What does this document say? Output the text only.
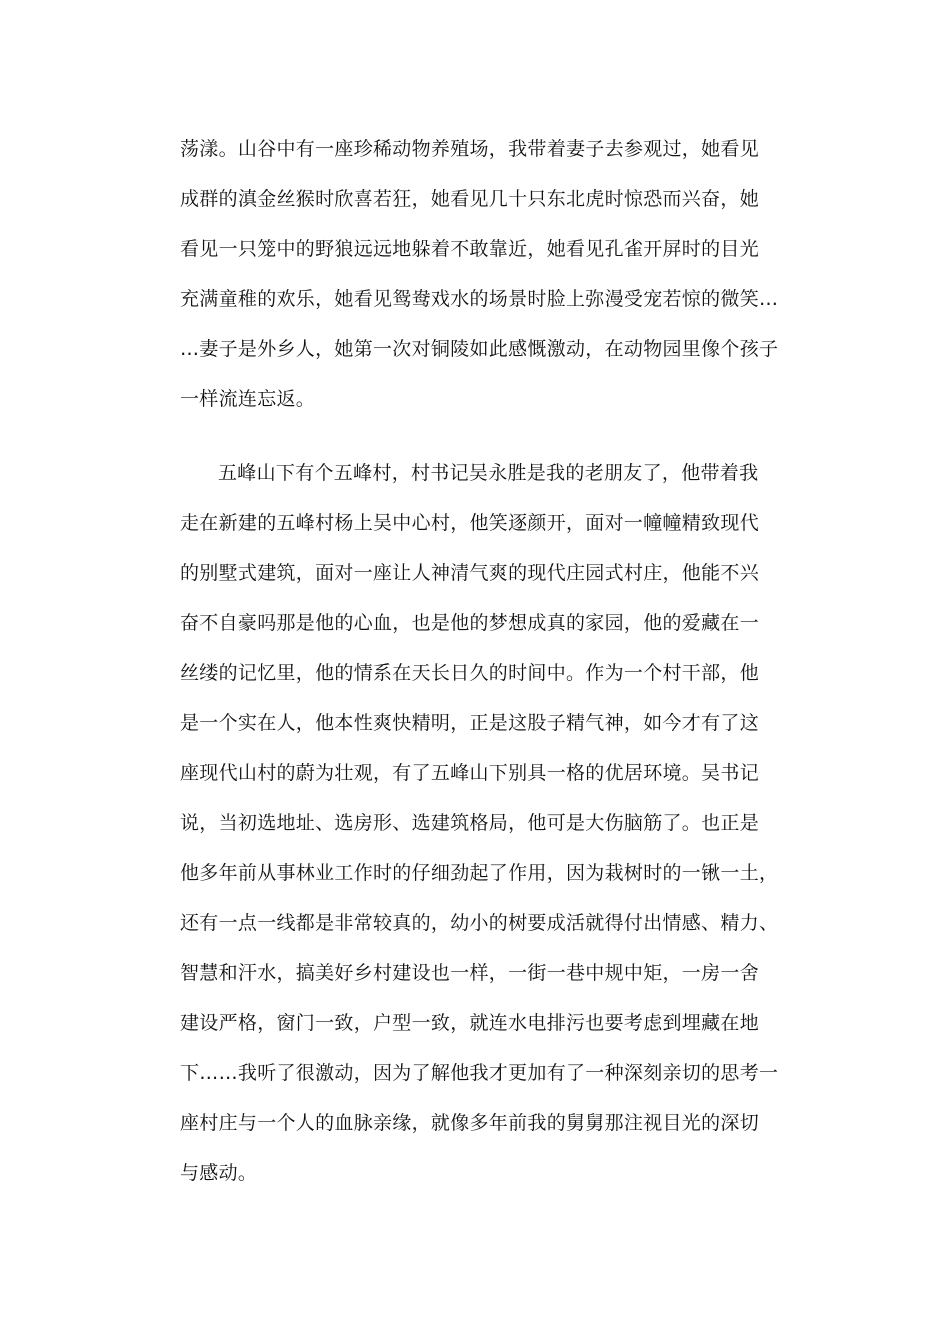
荡漾。山谷中有一座珍稀动物养殖场，我带着妻子去参观过，她看见
成群的滇金丝猴时欣喜若狂，她看见几十只东北虎时惊恐而兴奋，她
看见一只笼中的野狼远远地躲着不敢靠近，她看见孔雀开屏时的目光
充满童稚的欢乐，她看见鸳鸯戏水的场景时脸上弥漫受宠若惊的微笑…
…妻子是外乡人，她第一次对铜陵如此感慨激动，在动物园里像个孩子
一样流连忘返。
五峰山下有个五峰村，村书记吴永胜是我的老朋友了，他带着我
走在新建的五峰村杨上吴中心村，他笑逐颜开，面对一幢幢精致现代
的别墅式建筑，面对一座让人神清气爽的现代庄园式村庄，他能不兴
奋不自豪吗那是他的心血，也是他的梦想成真的家园，他的爱藏在一
丝缕的记忆里，他的情系在天长日久的时间中。作为一个村干部，他
是一个实在人，他本性爽快精明，正是这股子精气神，如今才有了这
座现代山村的蔚为壮观，有了五峰山下别具一格的优居环境。吴书记
说，当初选地址、选房形、选建筑格局，他可是大伤脑筋了。也正是
他多年前从事林业工作时的仔细劲起了作用，因为栽树时的一锹一土，
还有一点一线都是非常较真的，幼小的树要成活就得付出情感、精力、
智慧和汗水，搞美好乡村建设也一样，一街一巷中规中矩，一房一舍
建设严格，窗门一致，户型一致，就连水电排污也要考虑到埋藏在地
下……我听了很激动，因为了解他我才更加有了一种深刻亲切的思考一
座村庄与一个人的血脉亲缘，就像多年前我的舅舅那注视目光的深切
与感动。
